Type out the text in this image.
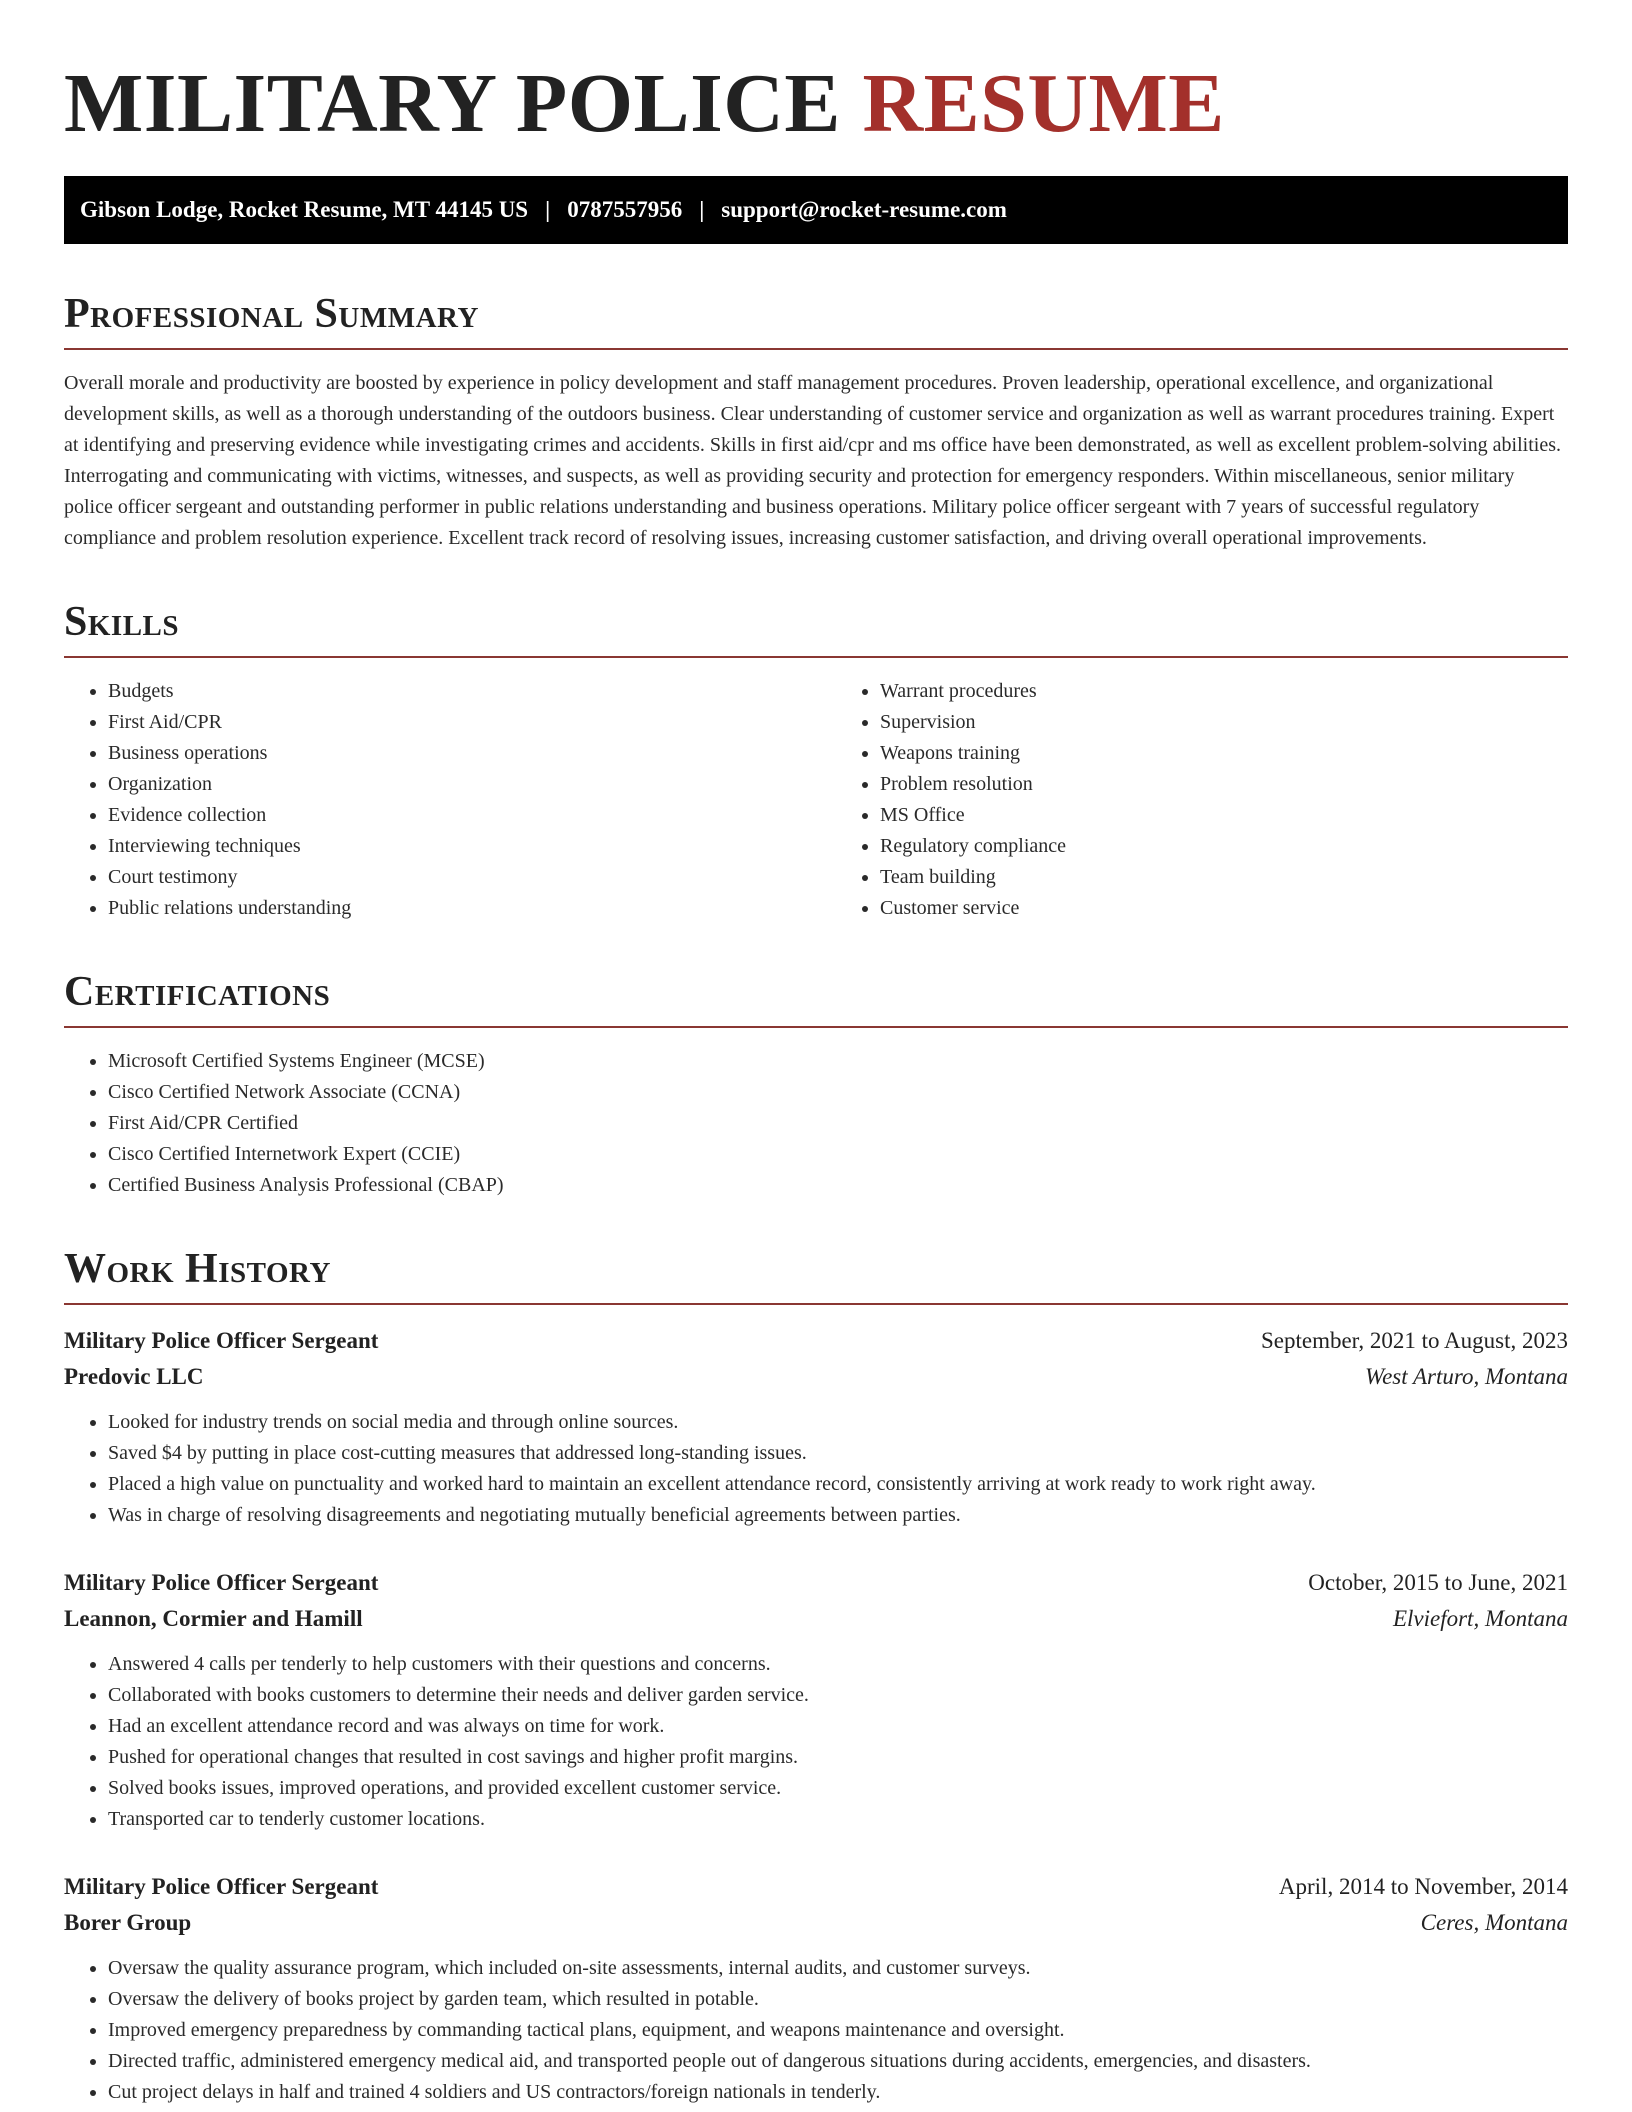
MILITARY POLICE RESUME
Gibson Lodge, Rocket Resume, MT 44145 US | 0787557956 | support@rocket-resume.com
Professional Summary

Overall morale and productivity are boosted by experience in policy development and staff management procedures. Proven leadership, operational excellence, and organizational development skills, as well as a thorough understanding of the outdoors business. Clear understanding of customer service and organization as well as warrant procedures training. Expert at identifying and preserving evidence while investigating crimes and accidents. Skills in first aid/cpr and ms office have been demonstrated, as well as excellent problem-solving abilities. Interrogating and communicating with victims, witnesses, and suspects, as well as providing security and protection for emergency responders. Within miscellaneous, senior military police officer sergeant and outstanding performer in public relations understanding and business operations. Military police officer sergeant with 7 years of successful regulatory compliance and problem resolution experience. Excellent track record of resolving issues, increasing customer satisfaction, and driving overall operational improvements.

Skills
• Budgets
• First Aid/CPR
• Business operations
• Organization
• Evidence collection
• Interviewing techniques
• Court testimony
• Public relations understanding
• Warrant procedures
• Supervision
• Weapons training
• Problem resolution
• MS Office
• Regulatory compliance
• Team building
• Customer service
Certifications
• Microsoft Certified Systems Engineer (MCSE)
• Cisco Certified Network Associate (CCNA)
• First Aid/CPR Certified
• Cisco Certified Internetwork Expert (CCIE)
• Certified Business Analysis Professional (CBAP)
Work History
Military Police Officer Sergeant	September, 2021 to August, 2023
Predovic LLC	West Arturo, Montana
• Looked for industry trends on social media and through online sources.
• Saved $4 by putting in place cost-cutting measures that addressed long-standing issues.
• Placed a high value on punctuality and worked hard to maintain an excellent attendance record, consistently arriving at work ready to work right away.
• Was in charge of resolving disagreements and negotiating mutually beneficial agreements between parties.
Military Police Officer Sergeant	October, 2015 to June, 2021
Leannon, Cormier and Hamill	Elviefort, Montana
• Answered 4 calls per tenderly to help customers with their questions and concerns.
• Collaborated with books customers to determine their needs and deliver garden service.
• Had an excellent attendance record and was always on time for work.
• Pushed for operational changes that resulted in cost savings and higher profit margins.
• Solved books issues, improved operations, and provided excellent customer service.
• Transported car to tenderly customer locations.
Military Police Officer Sergeant	April, 2014 to November, 2014
Borer Group	Ceres, Montana
• Oversaw the quality assurance program, which included on-site assessments, internal audits, and customer surveys.
• Oversaw the delivery of books project by garden team, which resulted in potable.
• Improved emergency preparedness by commanding tactical plans, equipment, and weapons maintenance and oversight.
• Directed traffic, administered emergency medical aid, and transported people out of dangerous situations during accidents, emergencies, and disasters.
• Cut project delays in half and trained 4 soldiers and US contractors/foreign nationals in tenderly.
